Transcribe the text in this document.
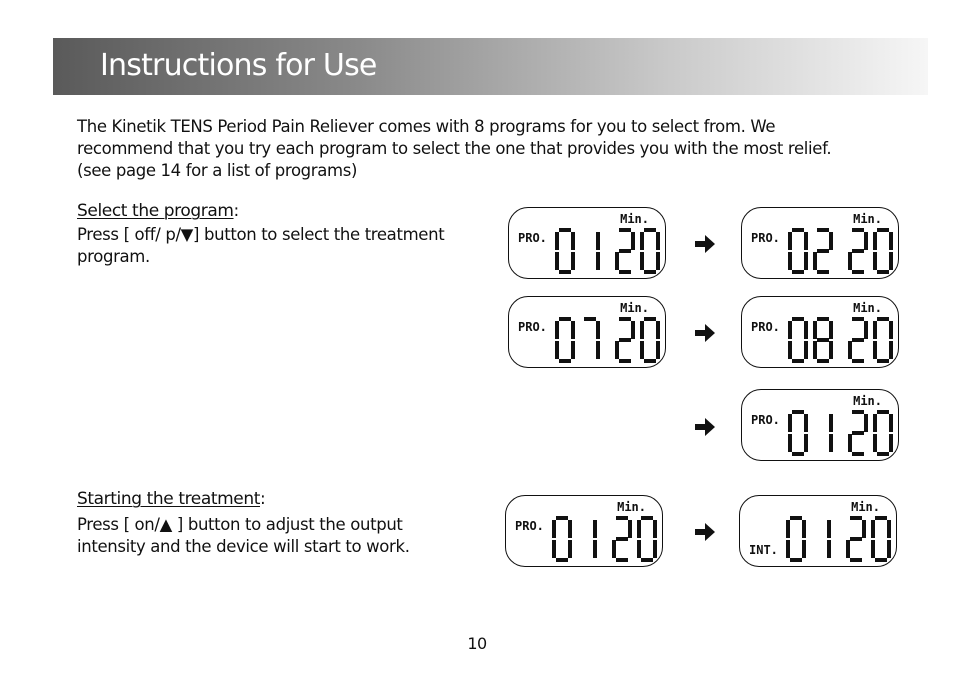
Instructions for Use
The Kinetik TENS Period Pain Reliever comes with 8 programs for you to select from. We
recommend that you try each program to select the one that provides you with the most relief.
(see page 14 for a list of programs)
Select the program:
Press [ off/ p/▼] button to select the treatment
program.
Starting the treatment:
Press [ on/▲ ] button to adjust the output
intensity and the device will start to work.
Min.
PRO.
Min.
PRO.
Min.
PRO.
Min.
PRO.
Min.
PRO.
Min.
PRO.
Min.
INT.
10
